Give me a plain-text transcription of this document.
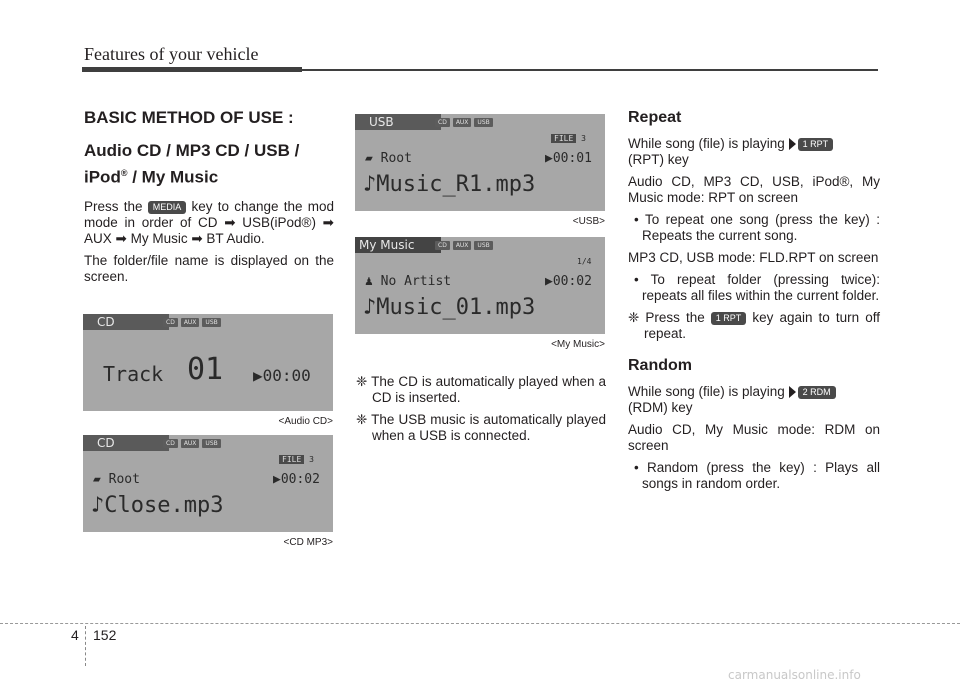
Features of your vehicle
BASIC METHOD OF USE :
Audio CD / MP3 CD / USB /
iPod® / My Music

Press the MEDIA key to change the mod mode in order of CD ➡ USB(iPod®) ➡ AUX ➡ My Music ➡ BT Audio.

The folder/file name is displayed on the screen.

CD	CD	AUX	USB
Track 01 ▶00:00
<Audio CD>
CD	CD	AUX	USB
FILE 3
▰ Root	▶00:02
♪Close.mp3
<CD MP3>
USB	CD	AUX	USB
FILE 3
▰ Root	▶00:01
♪Music_R1.mp3
<USB>
My Music	CD	AUX	USB
1/4
♟ No Artist	▶00:02
♪Music_01.mp3
<My Music>

❈ The CD is automatically played when a CD is inserted.

❈ The USB music is automatically played when a USB is connected.

Repeat

While song (file) is playing	1 RPT

(RPT) key

Audio CD, MP3 CD, USB, iPod®, My Music mode: RPT on screen

• To repeat one song (press the key) : Repeats the current song.

MP3 CD, USB mode: FLD.RPT on screen

• To repeat folder (pressing twice): repeats all files within the current folder.

❈ Press the 1 RPT key again to turn off repeat.

Random

While song (file) is playing	2 RDM

(RDM) key

Audio CD, My Music mode: RDM on screen

• Random (press the key) : Plays all songs in random order.

4 152
carmanualsonline.info
